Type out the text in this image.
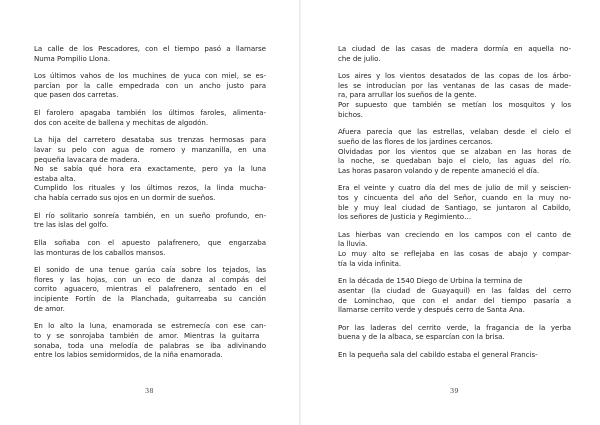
La calle de los Pescadores, con el tiempo pasó a llamarse
Numa Pompilio Llona.

Los últimos vahos de los muchines de yuca con miel, se es-
parcían por la calle empedrada con un ancho justo para
que pasen dos carretas.

El farolero apagaba también los últimos faroles, alimenta-
dos con aceite de ballena y mechitas de algodón.

La hija del carretero desataba sus trenzas hermosas para
lavar su pelo con agua de romero y manzanilla, en una
pequeña lavacara de madera.
No se sabía qué hora era exactamente, pero ya la luna
estaba alta.
Cumplido los rituales y los últimos rezos, la linda mucha-
cha había cerrado sus ojos en un dormir de sueños.

El río solitario sonreía también, en un sueño profundo, en-
tre las islas del golfo.

Ella soñaba con el apuesto palafrenero, que engarzaba
las monturas de los caballos mansos.

El sonido de una tenue garúa caía sobre los tejados, las
flores y las hojas, con un eco de danza al compás del
corrito aguacero, mientras el palafrenero, sentado en el
incipiente Fortín de la Planchada, guitarreaba su canción
de amor.

En lo alto la luna, enamorada se estremecía con ese can-
to y se sonrojaba también de amor. Mientras la guitarra
sonaba, toda una melodía de palabras se iba adivinando
entre los labios semidormidos, de la niña enamorada.

La ciudad de las casas de madera dormía en aquella no-
che de julio.

Los aires y los vientos desatados de las copas de los árbo-
les se introducían por las ventanas de las casas de made-
ra, para arrullar los sueños de la gente.
Por supuesto que también se metían los mosquitos y los
bichos.

Afuera parecía que las estrellas, velaban desde el cielo el
sueño de las flores de los jardines cercanos.
Olvidadas por los vientos que se alzaban en las horas de
la noche, se quedaban bajo el cielo, las aguas del río.
Las horas pasaron volando y de repente amaneció el día.

Era el veinte y cuatro día del mes de julio de mil y seiscien-
tos y cincuenta del año del Señor, cuando en la muy no-
ble y muy leal ciudad de Santiago, se juntaron al Cabildo,
los señores de Justicia y Regimiento…

Las hierbas van creciendo en los campos con el canto de
la lluvia.
Lo muy alto se reflejaba en las cosas de abajo y compar-
tía la vida infinita.

En la década de 1540 Diego de Urbina la termina de
asentar (la ciudad de Guayaquil) en las faldas del cerro
de Lominchao, que con el andar del tiempo pasaría a
llamarse cerrito verde y después cerro de Santa Ana.

Por las laderas del cerrito verde, la fragancia de la yerba
buena y de la albaca, se esparcían con la brisa.

En la pequeña sala del cabildo estaba el general Francis-

38	39
